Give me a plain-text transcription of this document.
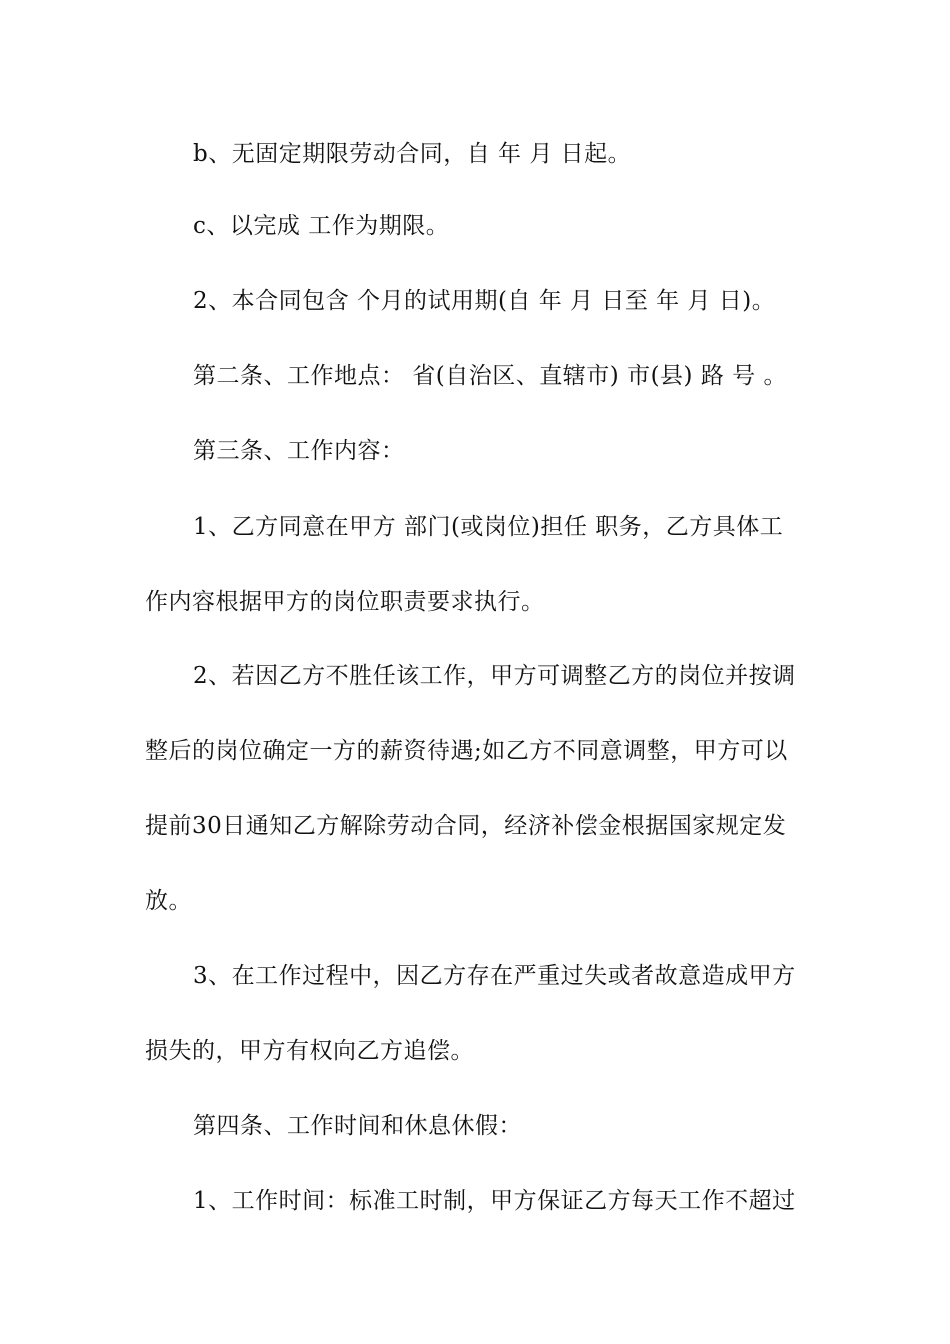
b、无固定期限劳动合同，自 年 月 日起。
c、以完成 工作为期限。
2、本合同包含 个月的试用期(自 年 月 日至 年 月 日)。
第二条、工作地点： 省(自治区、直辖市) 市(县) 路 号 。
第三条、工作内容：
1、乙方同意在甲方 部门(或岗位)担任 职务，乙方具体工
作内容根据甲方的岗位职责要求执行。
2、若因乙方不胜任该工作，甲方可调整乙方的岗位并按调
整后的岗位确定一方的薪资待遇;如乙方不同意调整，甲方可以
提前30日通知乙方解除劳动合同，经济补偿金根据国家规定发
放。
3、在工作过程中，因乙方存在严重过失或者故意造成甲方
损失的，甲方有权向乙方追偿。
第四条、工作时间和休息休假：
1、工作时间：标准工时制，甲方保证乙方每天工作不超过
